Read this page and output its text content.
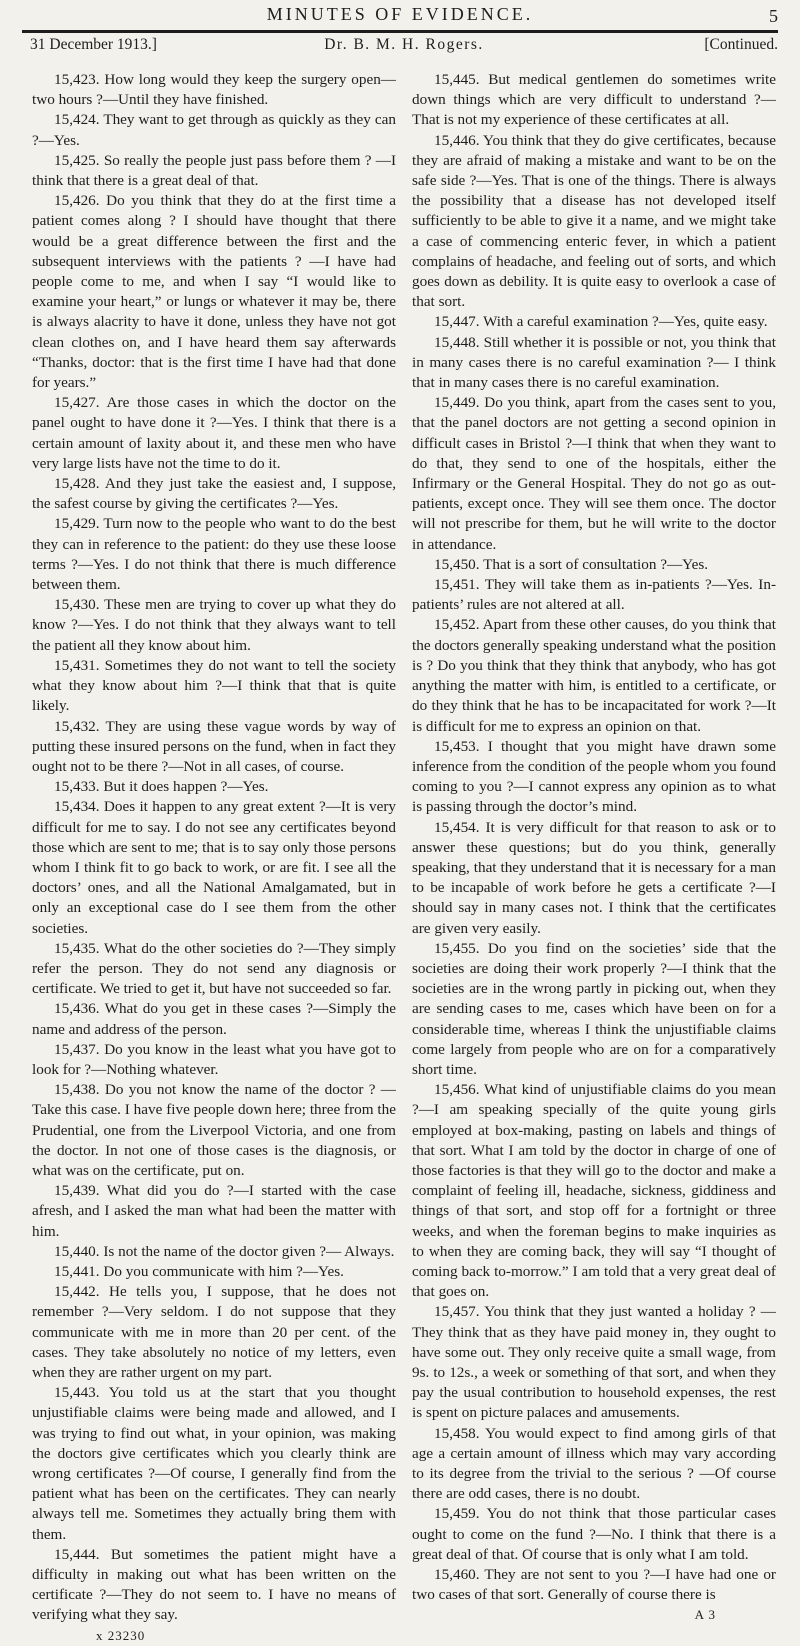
MINUTES OF EVIDENCE.	5
Dr. B. M. H. Rogers.
31 December 1913.]	[Continued.

15,423. How long would they keep the surgery open—two hours ?—Until they have finished.

15,424. They want to get through as quickly as they can ?—Yes.

15,425. So really the people just pass before them ? —I think that there is a great deal of that.

15,426. Do you think that they do at the first time a patient comes along ? I should have thought that there would be a great difference between the first and the subsequent interviews with the patients ? —I have had people come to me, and when I say “I would like to examine your heart,” or lungs or whatever it may be, there is always alacrity to have it done, unless they have not got clean clothes on, and I have heard them say afterwards “Thanks, doctor: that is the first time I have had that done for years.”

15,427. Are those cases in which the doctor on the panel ought to have done it ?—Yes. I think that there is a certain amount of laxity about it, and these men who have very large lists have not the time to do it.

15,428. And they just take the easiest and, I suppose, the safest course by giving the certificates ?—Yes.

15,429. Turn now to the people who want to do the best they can in reference to the patient: do they use these loose terms ?—Yes. I do not think that there is much difference between them.

15,430. These men are trying to cover up what they do know ?—Yes. I do not think that they always want to tell the patient all they know about him.

15,431. Sometimes they do not want to tell the society what they know about him ?—I think that that is quite likely.

15,432. They are using these vague words by way of putting these insured persons on the fund, when in fact they ought not to be there ?—Not in all cases, of course.

15,433. But it does happen ?—Yes.

15,434. Does it happen to any great extent ?—It is very difficult for me to say. I do not see any certificates beyond those which are sent to me; that is to say only those persons whom I think fit to go back to work, or are fit. I see all the doctors’ ones, and all the National Amalgamated, but in only an exceptional case do I see them from the other societies.

15,435. What do the other societies do ?—They simply refer the person. They do not send any diagnosis or certificate. We tried to get it, but have not succeeded so far.

15,436. What do you get in these cases ?—Simply the name and address of the person.

15,437. Do you know in the least what you have got to look for ?—Nothing whatever.

15,438. Do you not know the name of the doctor ? —Take this case. I have five people down here; three from the Prudential, one from the Liverpool Victoria, and one from the doctor. In not one of those cases is the diagnosis, or what was on the certificate, put on.

15,439. What did you do ?—I started with the case afresh, and I asked the man what had been the matter with him.

15,440. Is not the name of the doctor given ?— Always.

15,441. Do you communicate with him ?—Yes.

15,442. He tells you, I suppose, that he does not remember ?—Very seldom. I do not suppose that they communicate with me in more than 20 per cent. of the cases. They take absolutely no notice of my letters, even when they are rather urgent on my part.

15,443. You told us at the start that you thought unjustifiable claims were being made and allowed, and I was trying to find out what, in your opinion, was making the doctors give certificates which you clearly think are wrong certificates ?—Of course, I generally find from the patient what has been on the certificates. They can nearly always tell me. Sometimes they actually bring them with them.

15,444. But sometimes the patient might have a difficulty in making out what has been written on the certificate ?—They do not seem to. I have no means of verifying what they say.

x 23230

15,445. But medical gentlemen do sometimes write down things which are very difficult to understand ?— That is not my experience of these certificates at all.

15,446. You think that they do give certificates, because they are afraid of making a mistake and want to be on the safe side ?—Yes. That is one of the things. There is always the possibility that a disease has not developed itself sufficiently to be able to give it a name, and we might take a case of commencing enteric fever, in which a patient complains of headache, and feeling out of sorts, and which goes down as debility. It is quite easy to overlook a case of that sort.

15,447. With a careful examination ?—Yes, quite easy.

15,448. Still whether it is possible or not, you think that in many cases there is no careful examination ?— I think that in many cases there is no careful examination.

15,449. Do you think, apart from the cases sent to you, that the panel doctors are not getting a second opinion in difficult cases in Bristol ?—I think that when they want to do that, they send to one of the hospitals, either the Infirmary or the General Hospital. They do not go as out-patients, except once. They will see them once. The doctor will not prescribe for them, but he will write to the doctor in attendance.

15,450. That is a sort of consultation ?—Yes.

15,451. They will take them as in-patients ?—Yes. In-patients’ rules are not altered at all.

15,452. Apart from these other causes, do you think that the doctors generally speaking understand what the position is ? Do you think that they think that anybody, who has got anything the matter with him, is entitled to a certificate, or do they think that he has to be incapacitated for work ?—It is difficult for me to express an opinion on that.

15,453. I thought that you might have drawn some inference from the condition of the people whom you found coming to you ?—I cannot express any opinion as to what is passing through the doctor’s mind.

15,454. It is very difficult for that reason to ask or to answer these questions; but do you think, generally speaking, that they understand that it is necessary for a man to be incapable of work before he gets a certificate ?—I should say in many cases not. I think that the certificates are given very easily.

15,455. Do you find on the societies’ side that the societies are doing their work properly ?—I think that the societies are in the wrong partly in picking out, when they are sending cases to me, cases which have been on for a considerable time, whereas I think the unjustifiable claims come largely from people who are on for a comparatively short time.

15,456. What kind of unjustifiable claims do you mean ?—I am speaking specially of the quite young girls employed at box-making, pasting on labels and things of that sort. What I am told by the doctor in charge of one of those factories is that they will go to the doctor and make a complaint of feeling ill, headache, sickness, giddiness and things of that sort, and stop off for a fortnight or three weeks, and when the foreman begins to make inquiries as to when they are coming back, they will say “I thought of coming back to-morrow.” I am told that a very great deal of that goes on.

15,457. You think that they just wanted a holiday ? —They think that as they have paid money in, they ought to have some out. They only receive quite a small wage, from 9s. to 12s., a week or something of that sort, and when they pay the usual contribution to household expenses, the rest is spent on picture palaces and amusements.

15,458. You would expect to find among girls of that age a certain amount of illness which may vary according to its degree from the trivial to the serious ? —Of course there are odd cases, there is no doubt.

15,459. You do not think that those particular cases ought to come on the fund ?—No. I think that there is a great deal of that. Of course that is only what I am told.

15,460. They are not sent to you ?—I have had one or two cases of that sort. Generally of course there is

A 3
